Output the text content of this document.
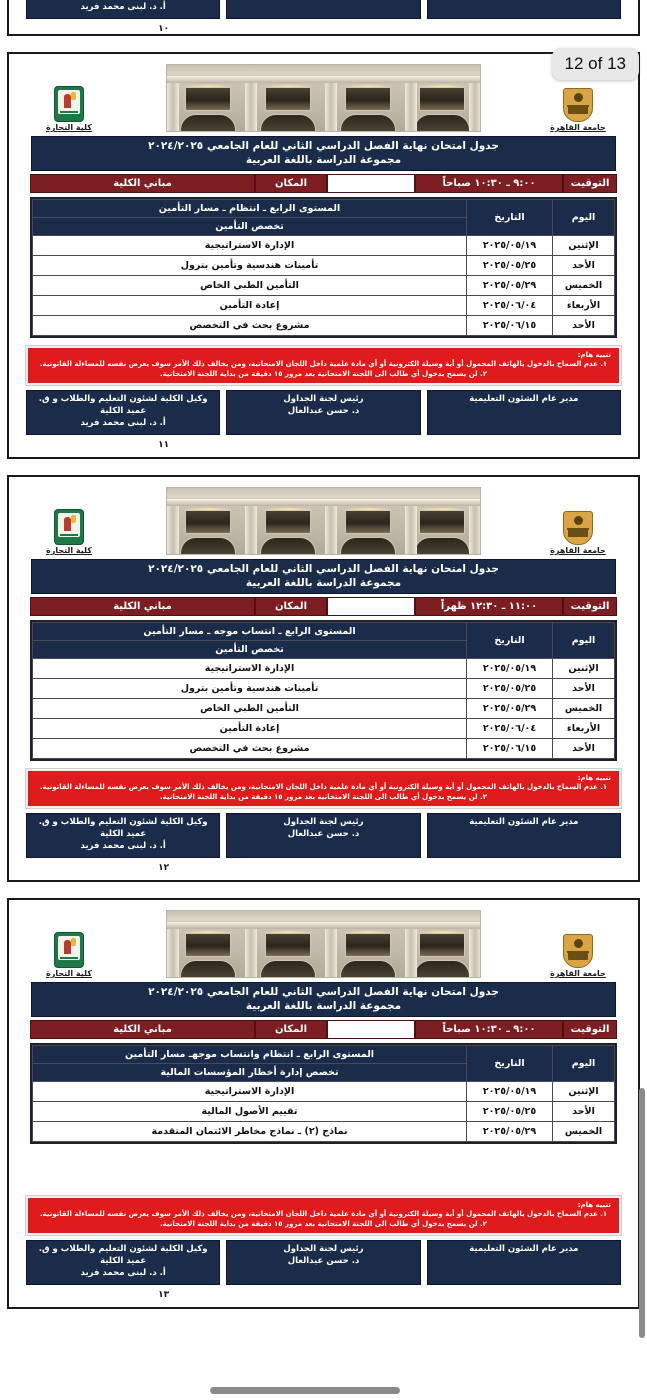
أ. د. لبنى محمد فريد
١٠
جامعة القاهرة
كلية التجارة
جدول امتحان نهاية الفصل الدراسي الثاني للعام الجامعي ٢٠٢٤/٢٠٢٥
مجموعة الدراسة باللغة العربية
التوقيت
٩:٠٠ ـ ١٠:٣٠ صباحاً
المكان
مباني الكلية
اليوم	التاريخ	المستوى الرابع ـ انتظام ـ مسار التأمين
		تخصص التأمين
الإثنين	٢٠٢٥/٠٥/١٩	الإدارة الاستراتيجية
الأحد	٢٠٢٥/٠٥/٢٥	تأمينات هندسية وتأمين بترول
الخميس	٢٠٢٥/٠٥/٢٩	التأمين الطبي الخاص
الأربعاء	٢٠٢٥/٠٦/٠٤	إعادة التأمين
الأحد	٢٠٢٥/٠٦/١٥	مشروع بحث في التخصص
تنبيه هام:
١. عدم السماح بالدخول بالهاتف المحمول أو أية وسيلة الكترونية أو أي مادة علمية داخل اللجان الامتحانية، ومن يخالف ذلك الأمر سوف يعرض نفسه للمساءلة القانونية.
٢. لن يسمح بدخول أي طالب الى اللجنة الامتحانية بعد مرور ١٥ دقيقة من بداية اللجنة الامتحانية.
مدير عام الشئون التعليمية
رئيس لجنة الجداول
د. حسن عبدالعال
وكيل الكلية لشئون التعليم والطلاب و ق. عميد الكلية
أ. د. لبنى محمد فريد
١١
جامعة القاهرة
كلية التجارة
جدول امتحان نهاية الفصل الدراسي الثاني للعام الجامعي ٢٠٢٤/٢٠٢٥
مجموعة الدراسة باللغة العربية
التوقيت
١١:٠٠ ـ ١٢:٣٠ ظهراً
المكان
مباني الكلية
اليوم	التاريخ	المستوى الرابع ـ انتساب موجه ـ مسار التأمين
		تخصص التأمين
الإثنين	٢٠٢٥/٠٥/١٩	الإدارة الاستراتيجية
الأحد	٢٠٢٥/٠٥/٢٥	تأمينات هندسية وتأمين بترول
الخميس	٢٠٢٥/٠٥/٢٩	التأمين الطبي الخاص
الأربعاء	٢٠٢٥/٠٦/٠٤	إعادة التأمين
الأحد	٢٠٢٥/٠٦/١٥	مشروع بحث في التخصص
تنبيه هام:
١. عدم السماح بالدخول بالهاتف المحمول أو أية وسيلة الكترونية أو أي مادة علمية داخل اللجان الامتحانية، ومن يخالف ذلك الأمر سوف يعرض نفسه للمساءلة القانونية.
٢. لن يسمح بدخول أي طالب الى اللجنة الامتحانية بعد مرور ١٥ دقيقة من بداية اللجنة الامتحانية.
مدير عام الشئون التعليمية
رئيس لجنة الجداول
د. حسن عبدالعال
وكيل الكلية لشئون التعليم والطلاب و ق. عميد الكلية
أ. د. لبنى محمد فريد
١٢
جامعة القاهرة
كلية التجارة
جدول امتحان نهاية الفصل الدراسي الثاني للعام الجامعي ٢٠٢٤/٢٠٢٥
مجموعة الدراسة باللغة العربية
التوقيت
٩:٠٠ ـ ١٠:٣٠ صباحاً
المكان
مباني الكلية
اليوم	التاريخ	المستوى الرابع ـ انتظام وانتساب موجهـ مسار التأمين
		تخصص إدارة أخطار المؤسسات المالية
الإثنين	٢٠٢٥/٠٥/١٩	الإدارة الاستراتيجية
الأحد	٢٠٢٥/٠٥/٢٥	تقييم الأصول المالية
الخميس	٢٠٢٥/٠٥/٢٩	نماذج (٢) ـ نماذج مخاطر الائتمان المتقدمة
تنبيه هام:
١. عدم السماح بالدخول بالهاتف المحمول أو أية وسيلة الكترونية أو أي مادة علمية داخل اللجان الامتحانية، ومن يخالف ذلك الأمر سوف يعرض نفسه للمساءلة القانونية.
٢. لن يسمح بدخول أي طالب الى اللجنة الامتحانية بعد مرور ١٥ دقيقة من بداية اللجنة الامتحانية.
مدير عام الشئون التعليمية
رئيس لجنة الجداول
د. حسن عبدالعال
وكيل الكلية لشئون التعليم والطلاب و ق. عميد الكلية
أ. د. لبنى محمد فريد
١٣
12 of 13
